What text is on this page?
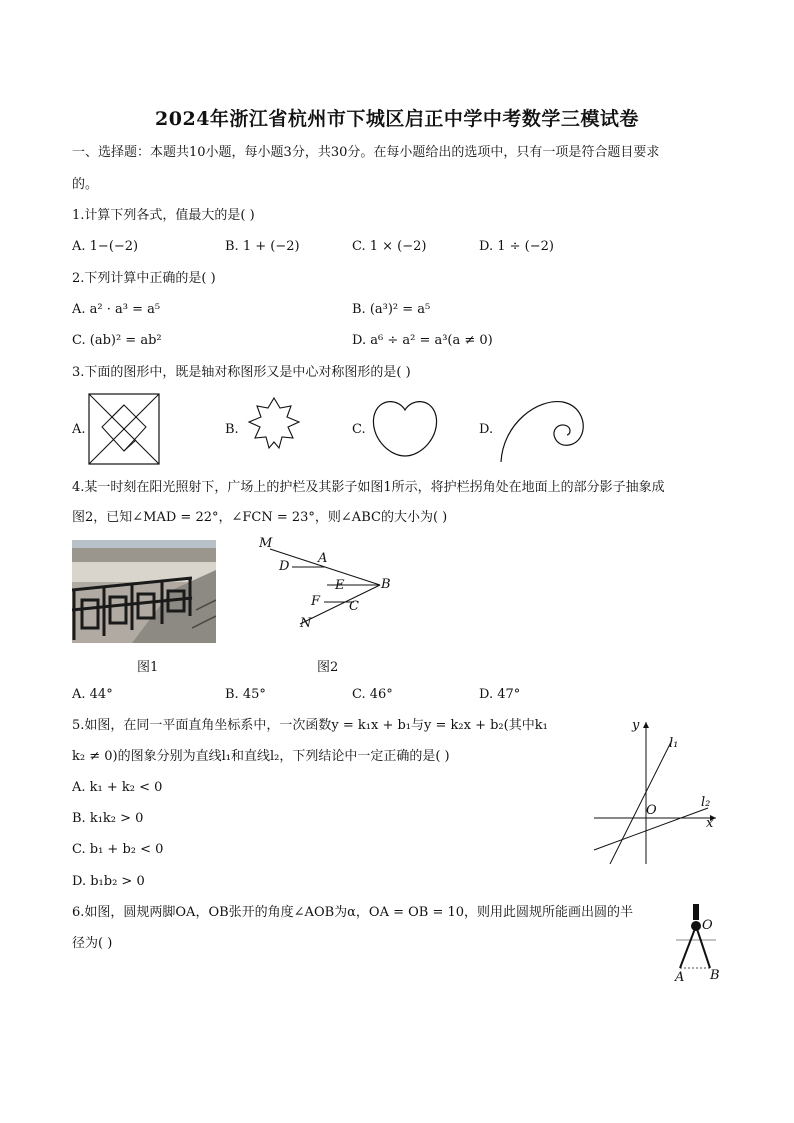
2024年浙江省杭州市下城区启正中学中考数学三模试卷
一、选择题：本题共10小题，每小题3分，共30分。在每小题给出的选项中，只有一项是符合题目要求
的。
1.计算下列各式，值最大的是( )
A. 1−(−2)	B. 1 + (−2)	C. 1 × (−2)	D. 1 ÷ (−2)
2.下列计算中正确的是( )
A. a² · a³ = a⁵	B. (a³)² = a⁵
C. (ab)² = ab²	D. a⁶ ÷ a² = a³(a ≠ 0)
3.下面的图形中，既是轴对称图形又是中心对称图形的是( )
A.	B.	C.	D.
4.某一时刻在阳光照射下，广场上的护栏及其影子如图1所示，将护栏拐角处在地面上的部分影子抽象成
图2，已知∠MAD = 22°，∠FCN = 23°，则∠ABC的大小为( )
图1
M
A
D
E	B
F C
N
图2
A. 44°	B. 45°	C. 46°	D. 47°
5.如图，在同一平面直角坐标系中，一次函数y = k₁x + b₁与y = k₂x + b₂(其中k₁
k₂ ≠ 0)的图象分别为直线l₁和直线l₂，下列结论中一定正确的是( )
A. k₁ + k₂ < 0
B. k₁k₂ > 0
C. b₁ + b₂ < 0
D. b₁b₂ > 0
y
l₁
l₂
O
x
6.如图，圆规两脚OA，OB张开的角度∠AOB为α，OA = OB = 10，则用此圆规所能画出圆的半
径为( )
O
A B
